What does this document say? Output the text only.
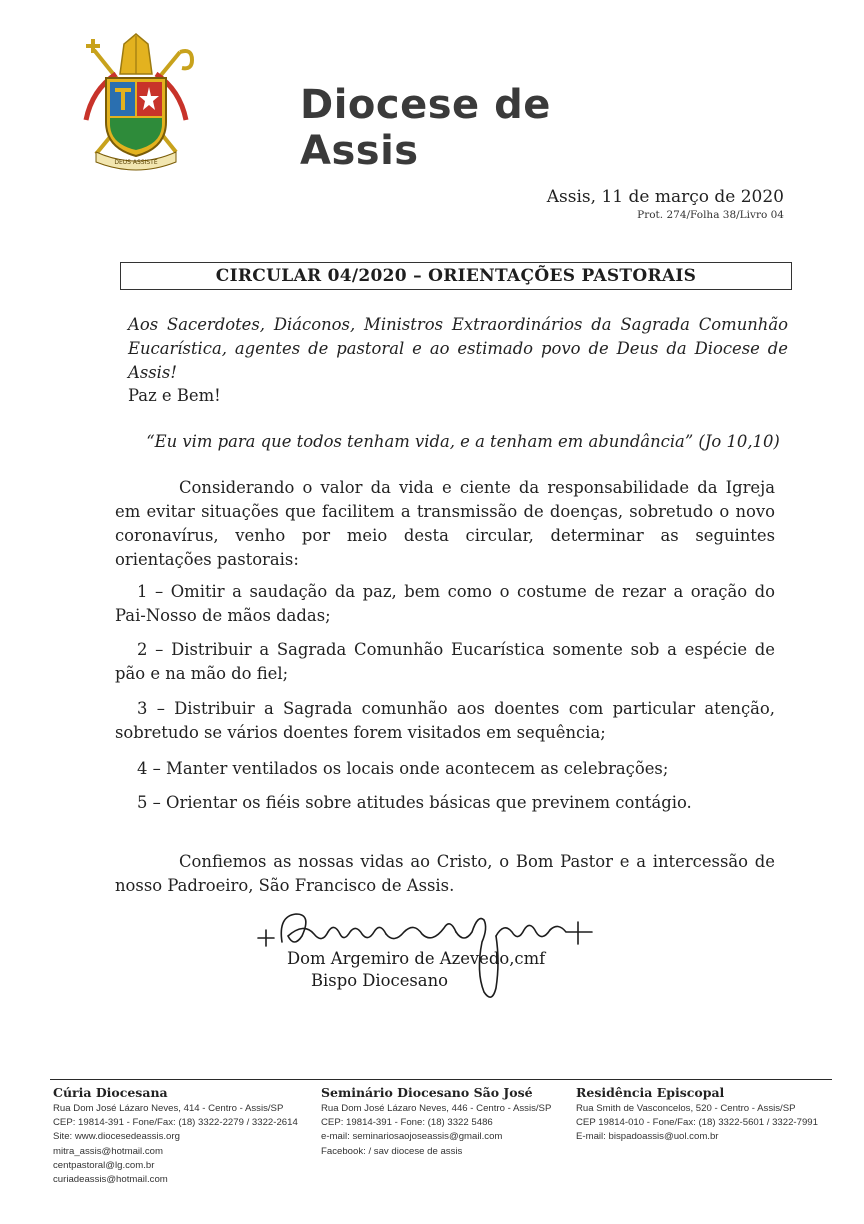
DEUS ASSISTE
Diocese de Assis
Assis, 11 de março de 2020
Prot. 274/Folha 38/Livro 04
CIRCULAR 04/2020 – ORIENTAÇÕES PASTORAIS
Aos Sacerdotes, Diáconos, Ministros Extraordinários da Sagrada Comunhão Eucarística, agentes de pastoral e ao estimado povo de Deus da Diocese de Assis!
Paz e Bem!
“Eu vim para que todos tenham vida, e a tenham em abundância” (Jo 10,10)
Considerando o valor da vida e ciente da responsabilidade da Igreja em evitar situações que facilitem a transmissão de doenças, sobretudo o novo coronavírus, venho por meio desta circular, determinar as seguintes orientações pastorais:
1 – Omitir a saudação da paz, bem como o costume de rezar a oração do Pai-Nosso de mãos dadas;
2 – Distribuir a Sagrada Comunhão Eucarística somente sob a espécie de pão e na mão do fiel;
3 – Distribuir a Sagrada comunhão aos doentes com particular atenção, sobretudo se vários doentes forem visitados em sequência;
4 – Manter ventilados os locais onde acontecem as celebrações;
5 – Orientar os fiéis sobre atitudes básicas que previnem contágio.
Confiemos as nossas vidas ao Cristo, o Bom Pastor e a intercessão de nosso Padroeiro, São Francisco de Assis.
Dom Argemiro de Azevedo,cmf
Bispo Diocesano
Cúria Diocesana
Rua Dom José Lázaro Neves, 414 - Centro - Assis/SP
CEP: 19814-391 - Fone/Fax: (18) 3322-2279 / 3322-2614
Site: www.diocesedeassis.org
mitra_assis@hotmail.com
centpastoral@lg.com.br
curiadeassis@hotmail.com
Seminário Diocesano São José
Rua Dom José Lázaro Neves, 446 - Centro - Assis/SP
CEP: 19814-391 - Fone: (18) 3322 5486
e-mail: seminariosaojoseassis@gmail.com
Facebook: / sav diocese de assis
Residência Episcopal
Rua Smith de Vasconcelos, 520 - Centro - Assis/SP
CEP 19814-010 - Fone/Fax: (18) 3322-5601 / 3322-7991
E-mail: bispadoassis@uol.com.br
